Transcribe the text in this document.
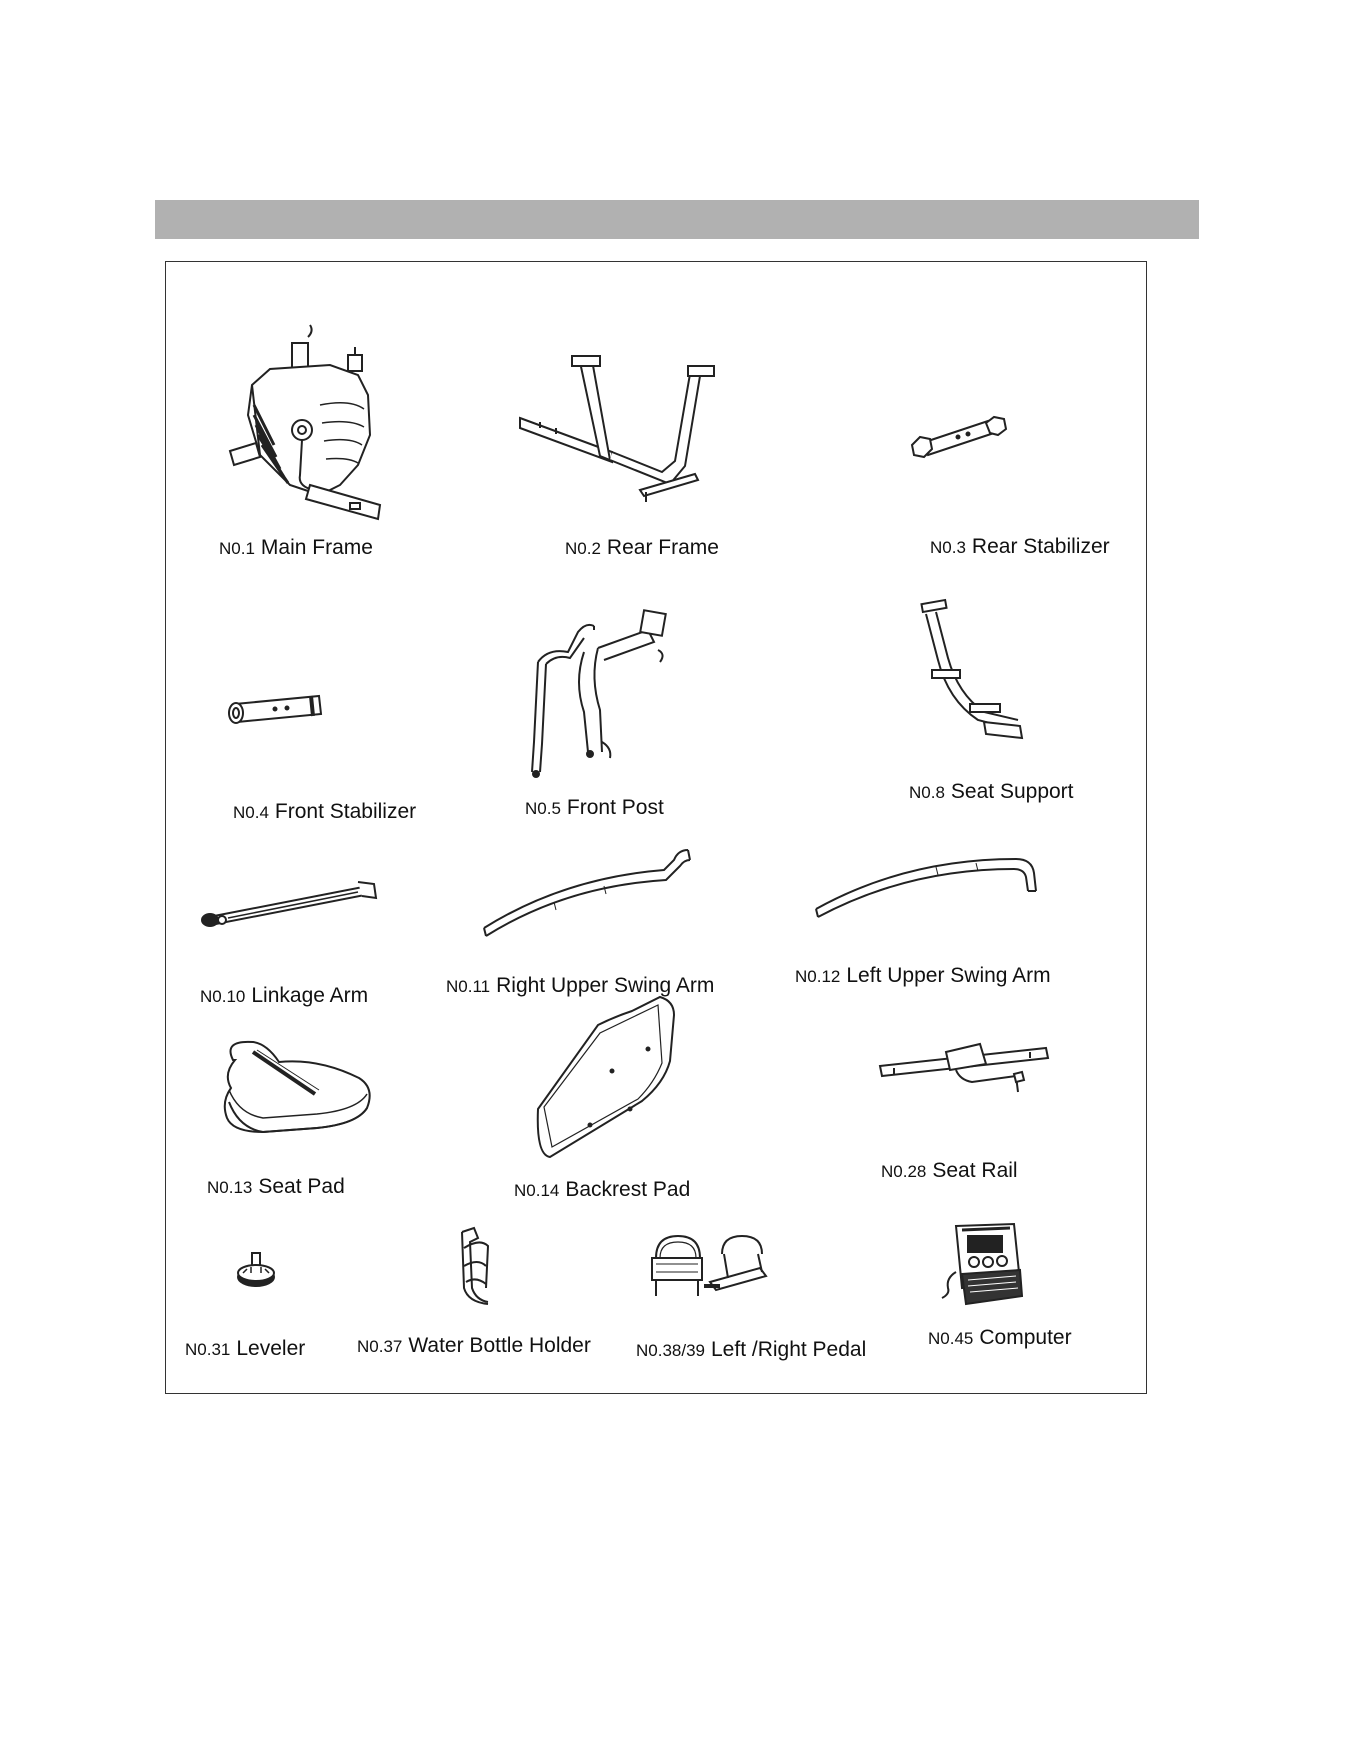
N0.1 Main Frame	N0.2 Rear Frame	N0.3 Rear Stabilizer
N0.4 Front Stabilizer	N0.5 Front Post
N0.8 Seat Support
N0.10 Linkage Arm	N0.11 Right Upper Swing Arm	N0.12 Left Upper Swing Arm
N0.13 Seat Pad	N0.14 Backrest Pad
N0.28 Seat Rail
N0.31 Leveler	N0.37 Water Bottle Holder	N0.38/39 Left /Right Pedal	N0.45 Computer
